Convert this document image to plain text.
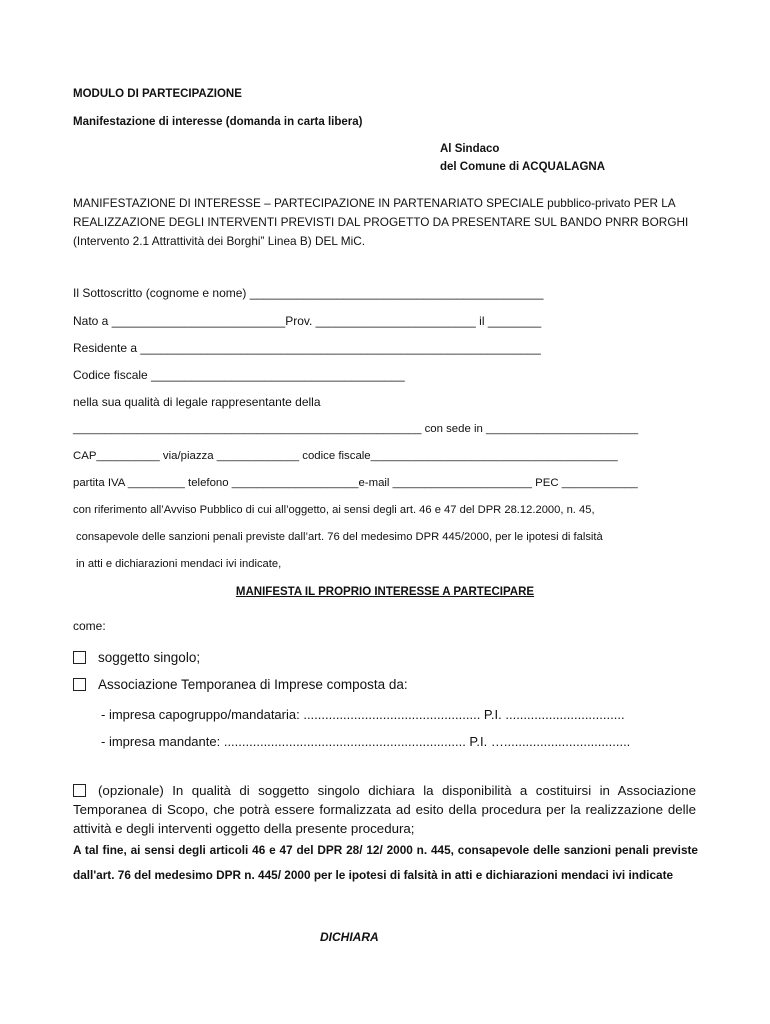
MODULO DI PARTECIPAZIONE
Manifestazione di interesse (domanda in carta libera)
Al Sindaco
del Comune di ACQUALAGNA
MANIFESTAZIONE DI INTERESSE – PARTECIPAZIONE IN PARTENARIATO SPECIALE pubblico-privato PER LA REALIZZAZIONE DEGLI INTERVENTI PREVISTI DAL PROGETTO DA PRESENTARE SUL BANDO PNRR BORGHI (Intervento 2.1 Attrattività dei Borghi” Linea B) DEL MiC.
Il Sottoscritto (cognome e nome) ____________________________________________
Nato a __________________________Prov. ________________________ il ________
Residente a ____________________________________________________________
Codice fiscale ______________________________________
nella sua qualità di legale rappresentante della
_______________________________________________________ con sede in ________________________
CAP__________ via/piazza _____________ codice fiscale_______________________________________
partita IVA _________ telefono ____________________e-mail ______________________ PEC ____________
con riferimento all’Avviso Pubblico di cui all’oggetto, ai sensi degli art. 46 e 47 del DPR 28.12.2000, n. 45,
consapevole delle sanzioni penali previste dall’art. 76 del medesimo DPR 445/2000, per le ipotesi di falsità
in atti e dichiarazioni mendaci ivi indicate,
MANIFESTA IL PROPRIO INTERESSE A PARTECIPARE
come:
soggetto singolo;
Associazione Temporanea di Imprese composta da:
- impresa capogruppo/mandataria: ................................................. P.I. .................................
- impresa mandante: ................................................................... P.I. …...................................
(opzionale) In qualità di soggetto singolo dichiara la disponibilità a costituirsi in Associazione Temporanea di Scopo, che potrà essere formalizzata ad esito della procedura per la realizzazione delle attività e degli interventi oggetto della presente procedura;
A tal fine, ai sensi degli articoli 46 e 47 del DPR 28/ 12/ 2000 n. 445, consapevole delle sanzioni penali previste dall'art. 76 del medesimo DPR n. 445/ 2000 per le ipotesi di falsità in atti e dichiarazioni mendaci ivi indicate
DICHIARA
